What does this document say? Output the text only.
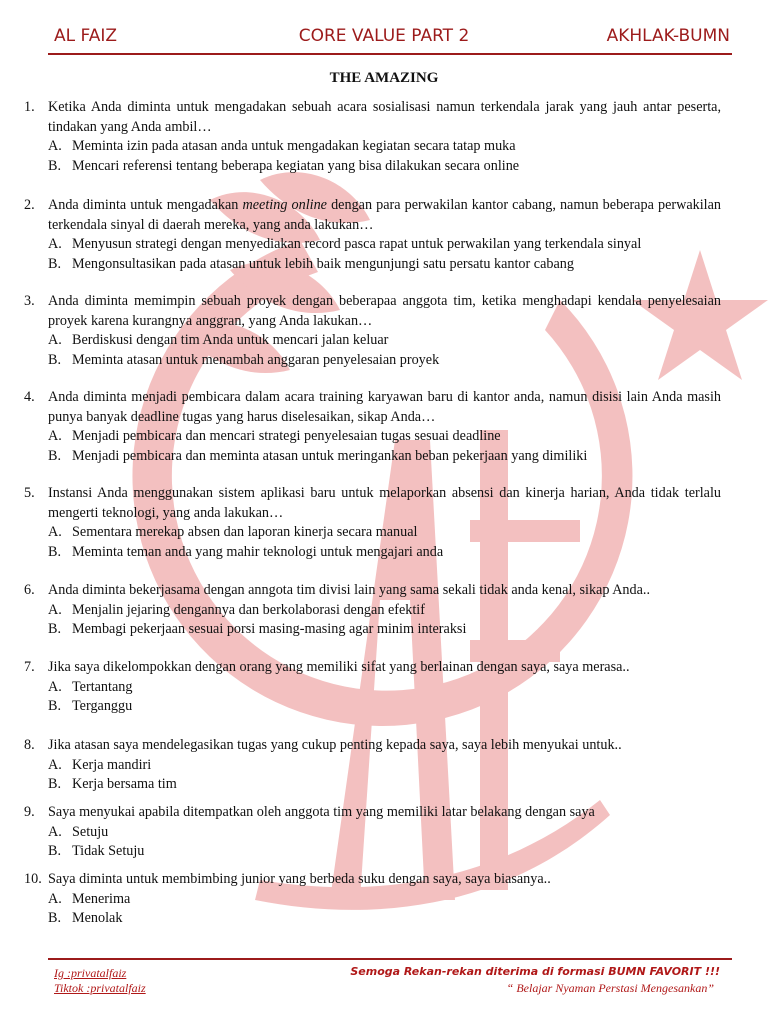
AL FAIZ	CORE VALUE PART 2	AKHLAK-BUMN
THE AMAZING
1. Ketika Anda diminta untuk mengadakan sebuah acara sosialisasi namun terkendala jarak yang jauh antar peserta, tindakan yang Anda ambil…
A. Meminta izin pada atasan anda untuk mengadakan kegiatan secara tatap muka
B. Mencari referensi tentang beberapa kegiatan yang bisa dilakukan secara online
2. Anda diminta untuk mengadakan meeting online dengan para perwakilan kantor cabang, namun beberapa perwakilan terkendala sinyal di daerah mereka, yang anda lakukan…
A. Menyusun strategi dengan menyediakan record pasca rapat untuk perwakilan yang terkendala sinyal
B. Mengonsultasikan pada atasan untuk lebih baik mengunjungi satu persatu kantor cabang
3. Anda diminta memimpin sebuah proyek dengan beberapaa anggota tim, ketika menghadapi kendala penyelesaian proyek karena kurangnya anggran, yang Anda lakukan…
A. Berdiskusi dengan tim Anda untuk mencari jalan keluar
B. Meminta atasan untuk menambah anggaran penyelesaian proyek
4. Anda diminta menjadi pembicara dalam acara training karyawan baru di kantor anda, namun disisi lain Anda masih punya banyak deadline tugas yang harus diselesaikan, sikap Anda…
A. Menjadi pembicara dan mencari strategi penyelesaian tugas sesuai deadline
B. Menjadi pembicara dan meminta atasan untuk meringankan beban pekerjaan yang dimiliki
5. Instansi Anda menggunakan sistem aplikasi baru untuk melaporkan absensi dan kinerja harian, Anda tidak terlalu mengerti teknologi, yang anda lakukan…
A. Sementara merekap absen dan laporan kinerja secara manual
B. Meminta teman anda yang mahir teknologi untuk mengajari anda
6. Anda diminta bekerjasama dengan anngota tim divisi lain yang sama sekali tidak anda kenal, sikap Anda..
A. Menjalin jejaring dengannya dan berkolaborasi dengan efektif
B. Membagi pekerjaan sesuai porsi masing-masing agar minim interaksi
7. Jika saya dikelompokkan dengan orang yang memiliki sifat yang berlainan dengan saya, saya merasa..
A. Tertantang
B. Terganggu
8. Jika atasan saya mendelegasikan tugas yang cukup penting kepada saya, saya lebih menyukai untuk..
A. Kerja mandiri
B. Kerja bersama tim
9. Saya menyukai apabila ditempatkan oleh anggota tim yang memiliki latar belakang dengan saya
A. Setuju
B. Tidak Setuju
10. Saya diminta untuk membimbing junior yang berbeda suku dengan saya, saya biasanya..
A. Menerima
B. Menolak
Ig :privatalfaiz
Tiktok :privatalfaiz
Semoga Rekan-rekan diterima di formasi BUMN FAVORIT !!!
“ Belajar Nyaman Perstasi Mengesankan”
